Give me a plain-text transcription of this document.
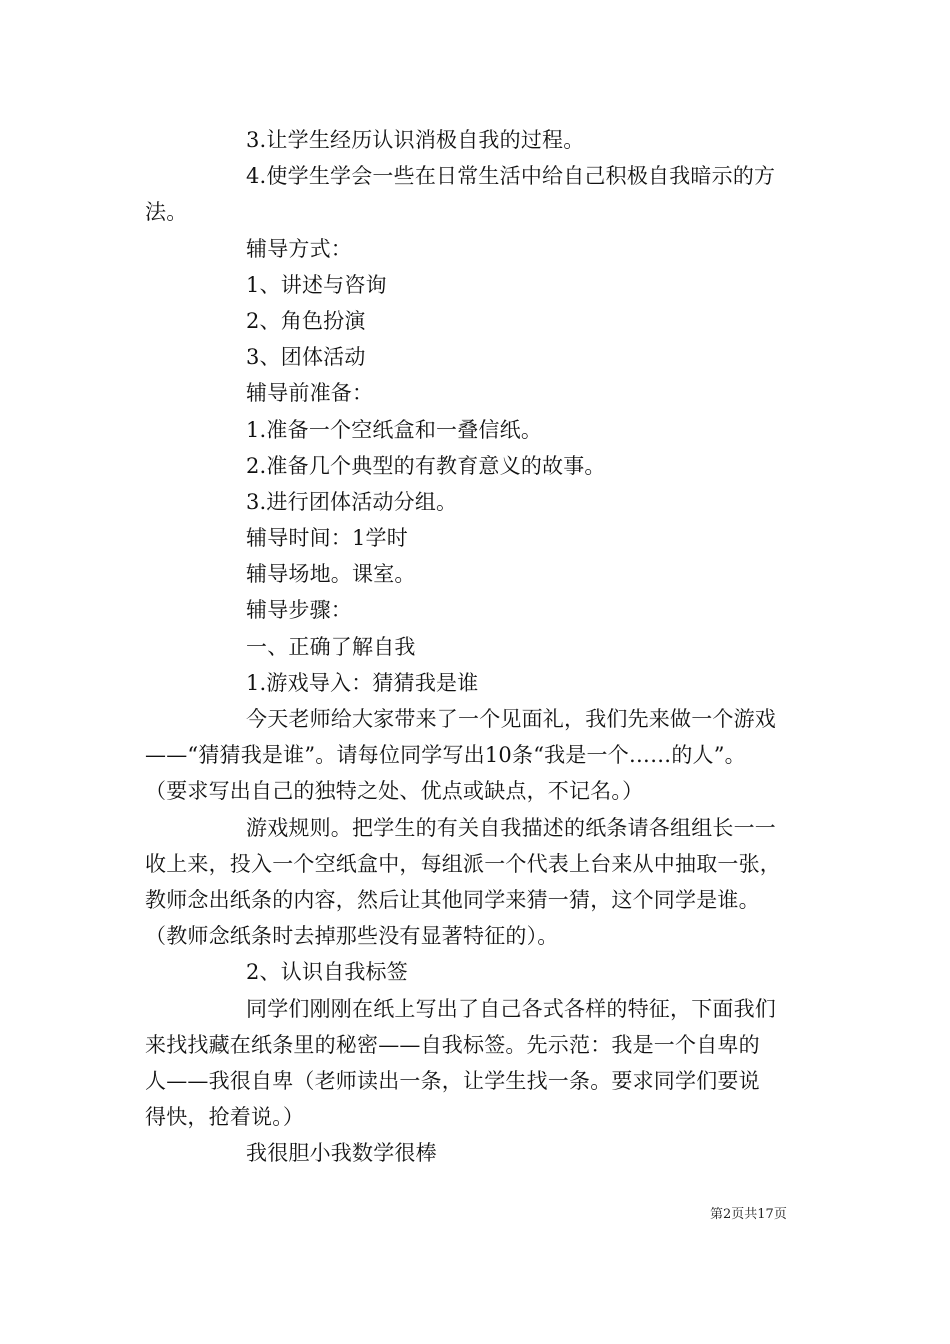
3.让学生经历认识消极自我的过程。
4.使学生学会一些在日常生活中给自己积极自我暗示的方
法。
辅导方式：
1、讲述与咨询
2、角色扮演
3、团体活动
辅导前准备：
1.准备一个空纸盒和一叠信纸。
2.准备几个典型的有教育意义的故事。
3.进行团体活动分组。
辅导时间：1学时
辅导场地。课室。
辅导步骤：
一、正确了解自我
1.游戏导入：猜猜我是谁
今天老师给大家带来了一个见面礼，我们先来做一个游戏
——“猜猜我是谁”。请每位同学写出10条“我是一个……的人”。
（要求写出自己的独特之处、优点或缺点，不记名。）
游戏规则。把学生的有关自我描述的纸条请各组组长一一
收上来，投入一个空纸盒中，每组派一个代表上台来从中抽取一张，
教师念出纸条的内容，然后让其他同学来猜一猜，这个同学是谁。
（教师念纸条时去掉那些没有显著特征的）。
2、认识自我标签
同学们刚刚在纸上写出了自己各式各样的特征，下面我们
来找找藏在纸条里的秘密——自我标签。先示范：我是一个自卑的
人——我很自卑（老师读出一条，让学生找一条。要求同学们要说
得快，抢着说。）
我很胆小我数学很棒
第2页共17页
